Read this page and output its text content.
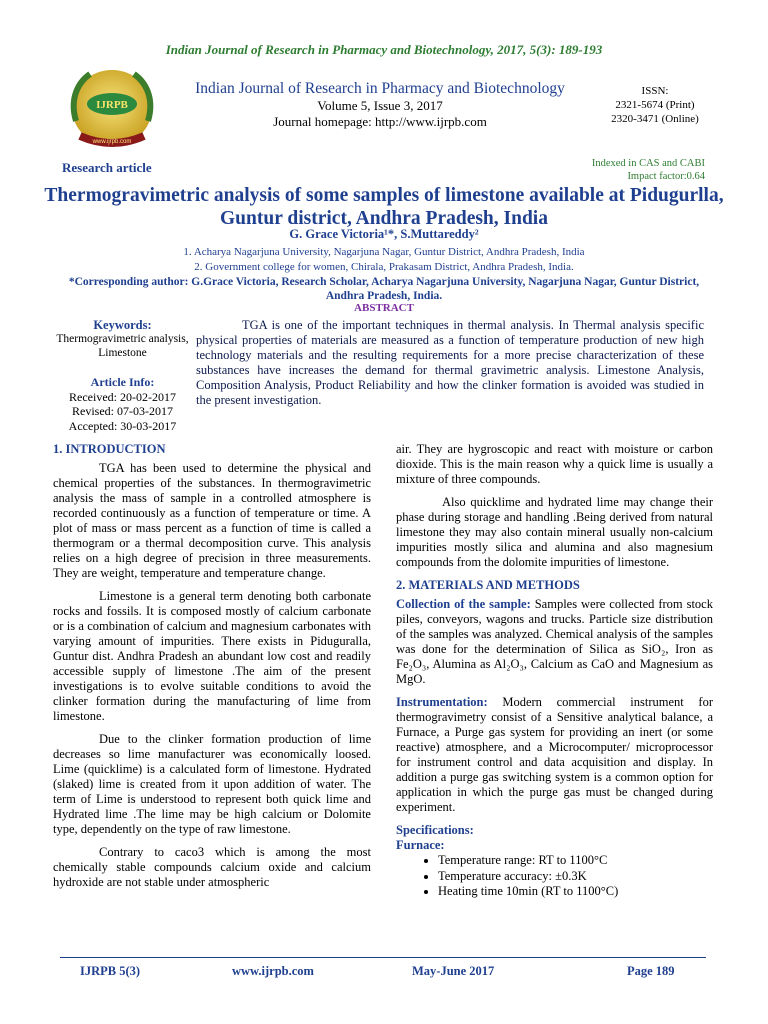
Indian Journal of Research in Pharmacy and Biotechnology, 2017, 5(3): 189-193
IJRPB
www.ijrpb.com
Indian Journal of Research in Pharmacy and Biotechnology
Volume 5, Issue 3, 2017
Journal homepage: http://www.ijrpb.com
ISSN:
2321-5674 (Print)
2320-3471 (Online)
Research article	Indexed in CAS and CABI
Impact factor:0.64
Thermogravimetric analysis of some samples of limestone available at Pidugurlla, Guntur district, Andhra Pradesh, India
G. Grace Victoria¹*, S.Muttareddy²
1. Acharya Nagarjuna University, Nagarjuna Nagar, Guntur District, Andhra Pradesh, India
2. Government college for women, Chirala, Prakasam District, Andhra Pradesh, India.
*Corresponding author: G.Grace Victoria, Research Scholar, Acharya Nagarjuna University, Nagarjuna Nagar, Guntur District, Andhra Pradesh, India.
ABSTRACT
Keywords:
Thermogravimetric analysis, Limestone
Article Info:
Received: 20-02-2017
Revised: 07-03-2017
Accepted: 30-03-2017
TGA is one of the important techniques in thermal analysis. In Thermal analysis specific physical properties of materials are measured as a function of temperature production of new high technology materials and the resulting requirements for a more precise characterization of these substances have increases the demand for thermal gravimetric analysis. Limestone Analysis, Composition Analysis, Product Reliability and how the clinker formation is avoided was studied in the present investigation.
1. INTRODUCTION

TGA has been used to determine the physical and chemical properties of the substances. In thermogravimetric analysis the mass of sample in a controlled atmosphere is recorded continuously as a function of temperature or time. A plot of mass or mass percent as a function of time is called a thermogram or a thermal decomposition curve. This analysis relies on a high degree of precision in three measurements. They are weight, temperature and temperature change.

Limestone is a general term denoting both carbonate rocks and fossils. It is composed mostly of calcium carbonate or is a combination of calcium and magnesium carbonates with varying amount of impurities. There exists in Piduguralla, Guntur dist. Andhra Pradesh an abundant low cost and readily accessible supply of limestone .The aim of the present investigations is to evolve suitable conditions to avoid the clinker formation during the manufacturing of lime from limestone.

Due to the clinker formation production of lime decreases so lime manufacturer was economically loosed. Lime (quicklime) is a calculated form of limestone. Hydrated (slaked) lime is created from it upon addition of water. The term of Lime is understood to represent both quick lime and Hydrated lime .The lime may be high calcium or Dolomite type, dependently on the type of raw limestone.

Contrary to caco3 which is among the most chemically stable compounds calcium oxide and calcium hydroxide are not stable under atmospheric

air. They are hygroscopic and react with moisture or carbon dioxide. This is the main reason why a quick lime is usually a mixture of three compounds.

Also quicklime and hydrated lime may change their phase during storage and handling .Being derived from natural limestone they may also contain mineral usually non-calcium impurities mostly silica and alumina and also magnesium compounds from the dolomite impurities of limestone.

2. MATERIALS AND METHODS

Collection of the sample: Samples were collected from stock piles, conveyors, wagons and trucks. Particle size distribution of the samples was analyzed. Chemical analysis of the samples was done for the determination of Silica as SiO₂, Iron as Fe₂O₃, Alumina as Al₂O₃, Calcium as CaO and Magnesium as MgO.

Instrumentation: Modern commercial instrument for thermogravimetry consist of a Sensitive analytical balance, a Furnace, a Purge gas system for providing an inert (or some reactive) atmosphere, and a Microcomputer/ microprocessor for instrument control and data acquisition and display. In addition a purge gas switching system is a common option for application in which the purge gas must be changed during experiment.

Specifications:
Furnace:
• Temperature range: RT to 1100°C
• Temperature accuracy: ±0.3K
• Heating time 10min (RT to 1100°C)
IJRPB 5(3)	www.ijrpb.com	May-June 2017	Page 189
